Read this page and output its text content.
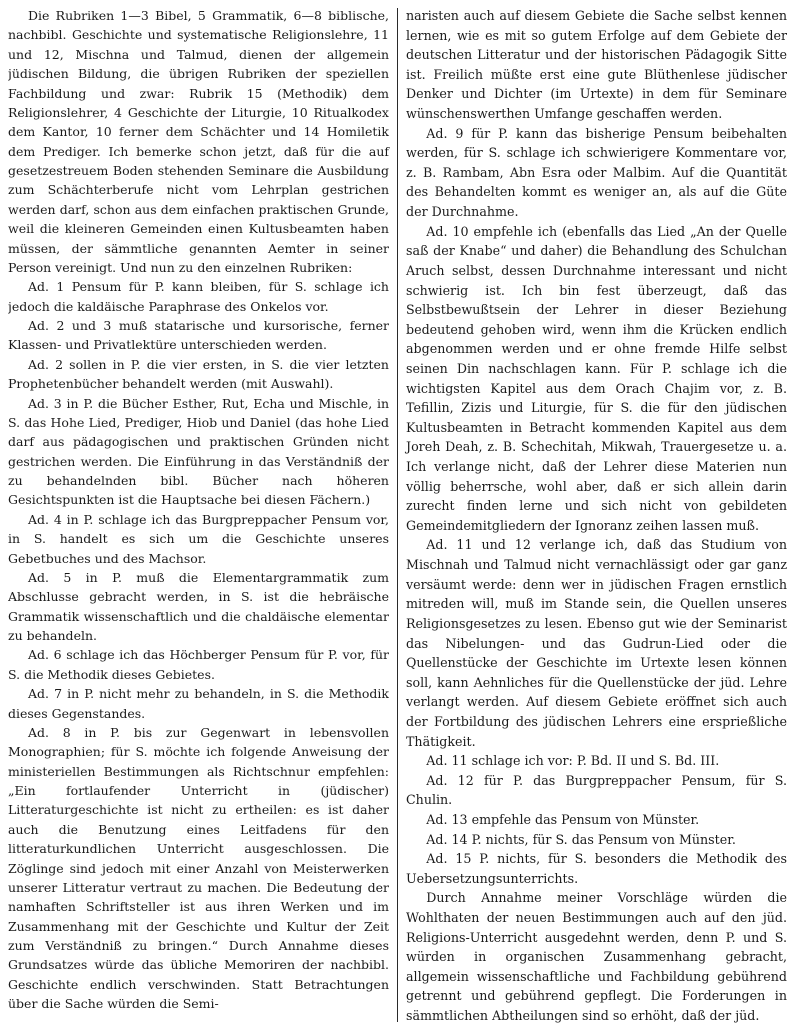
Die Rubriken 1—3 Bibel, 5 Grammatik, 6—8 biblische, nachbibl. Geschichte und systematische Religionslehre, 11 und 12, Mischna und Talmud, dienen der allgemein jüdischen Bildung, die übrigen Rubriken der speziellen Fachbildung und zwar: Rubrik 15 (Methodik) dem Religionslehrer, 4 Geschichte der Liturgie, 10 Ritualkodex dem Kantor, 10 ferner dem Schächter und 14 Homiletik dem Prediger. Ich bemerke schon jetzt, daß für die auf gesetzestreuem Boden stehenden Seminare die Ausbildung zum Schächterberufe nicht vom Lehrplan gestrichen werden darf, schon aus dem einfachen praktischen Grunde, weil die kleineren Gemeinden einen Kultusbeamten haben müssen, der sämmtliche genannten Aemter in seiner Person vereinigt. Und nun zu den einzelnen Rubriken:

Ad. 1 Pensum für P. kann bleiben, für S. schlage ich jedoch die kaldäische Paraphrase des Onkelos vor.

Ad. 2 und 3 muß statarische und kursorische, ferner Klassen- und Privatlektüre unterschieden werden.

Ad. 2 sollen in P. die vier ersten, in S. die vier letzten Prophetenbücher behandelt werden (mit Auswahl).

Ad. 3 in P. die Bücher Esther, Rut, Echa und Mischle, in S. das Hohe Lied, Prediger, Hiob und Daniel (das hohe Lied darf aus pädagogischen und praktischen Gründen nicht gestrichen werden. Die Einführung in das Verständniß der zu behandelnden bibl. Bücher nach höheren Gesichtspunkten ist die Hauptsache bei diesen Fächern.)

Ad. 4 in P. schlage ich das Burgpreppacher Pensum vor, in S. handelt es sich um die Geschichte unseres Gebetbuches und des Machsor.

Ad. 5 in P. muß die Elementargrammatik zum Abschlusse gebracht werden, in S. ist die hebräische Grammatik wissenschaftlich und die chaldäische elementar zu behandeln.

Ad. 6 schlage ich das Höchberger Pensum für P. vor, für S. die Methodik dieses Gebietes.

Ad. 7 in P. nicht mehr zu behandeln, in S. die Methodik dieses Gegenstandes.

Ad. 8 in P. bis zur Gegenwart in lebensvollen Monographien; für S. möchte ich folgende Anweisung der ministeriellen Bestimmungen als Richtschnur empfehlen: „Ein fortlaufender Unterricht in (jüdischer) Litteraturgeschichte ist nicht zu ertheilen: es ist daher auch die Benutzung eines Leitfadens für den litteraturkundlichen Unterricht ausgeschlossen. Die Zöglinge sind jedoch mit einer Anzahl von Meisterwerken unserer Litteratur vertraut zu machen. Die Bedeutung der namhaften Schriftsteller ist aus ihren Werken und im Zusammenhang mit der Geschichte und Kultur der Zeit zum Verständniß zu bringen.“ Durch Annahme dieses Grundsatzes würde das übliche Memoriren der nachbibl. Geschichte endlich verschwinden. Statt Betrachtungen über die Sache würden die Semi-

naristen auch auf diesem Gebiete die Sache selbst kennen lernen, wie es mit so gutem Erfolge auf dem Gebiete der deutschen Litteratur und der historischen Pädagogik Sitte ist. Freilich müßte erst eine gute Blüthenlese jüdischer Denker und Dichter (im Urtexte) in dem für Seminare wünschenswerthen Umfange geschaffen werden.

Ad. 9 für P. kann das bisherige Pensum beibehalten werden, für S. schlage ich schwierigere Kommentare vor, z. B. Rambam, Abn Esra oder Malbim. Auf die Quantität des Behandelten kommt es weniger an, als auf die Güte der Durchnahme.

Ad. 10 empfehle ich (ebenfalls das Lied „An der Quelle saß der Knabe“ und daher) die Behandlung des Schulchan Aruch selbst, dessen Durchnahme interessant und nicht schwierig ist. Ich bin fest überzeugt, daß das Selbstbewußtsein der Lehrer in dieser Beziehung bedeutend gehoben wird, wenn ihm die Krücken endlich abgenommen werden und er ohne fremde Hilfe selbst seinen Din nachschlagen kann. Für P. schlage ich die wichtigsten Kapitel aus dem Orach Chajim vor, z. B. Tefillin, Zizis und Liturgie, für S. die für den jüdischen Kultusbeamten in Betracht kommenden Kapitel aus dem Joreh Deah, z. B. Schechitah, Mikwah, Trauergesetze u. a. Ich verlange nicht, daß der Lehrer diese Materien nun völlig beherrsche, wohl aber, daß er sich allein darin zurecht finden lerne und sich nicht von gebildeten Gemeindemitgliedern der Ignoranz zeihen lassen muß.

Ad. 11 und 12 verlange ich, daß das Studium von Mischnah und Talmud nicht vernachlässigt oder gar ganz versäumt werde: denn wer in jüdischen Fragen ernstlich mitreden will, muß im Stande sein, die Quellen unseres Religionsgesetzes zu lesen. Ebenso gut wie der Seminarist das Nibelungen- und das Gudrun-Lied oder die Quellenstücke der Geschichte im Urtexte lesen können soll, kann Aehnliches für die Quellenstücke der jüd. Lehre verlangt werden. Auf diesem Gebiete eröffnet sich auch der Fortbildung des jüdischen Lehrers eine ersprießliche Thätigkeit.

Ad. 11 schlage ich vor: P. Bd. II und S. Bd. III.

Ad. 12 für P. das Burgpreppacher Pensum, für S. Chulin.

Ad. 13 empfehle das Pensum von Münster.

Ad. 14 P. nichts, für S. das Pensum von Münster.

Ad. 15 P. nichts, für S. besonders die Methodik des Uebersetzungsunterrichts.

Durch Annahme meiner Vorschläge würden die Wohlthaten der neuen Bestimmungen auch auf den jüd. Religions-Unterricht ausgedehnt werden, denn P. und S. würden in organischen Zusammenhang gebracht, allgemein wissenschaftliche und Fachbildung gebührend getrennt und gebührend gepflegt. Die Forderungen in sämmtlichen Abtheilungen sind so erhöht, daß der jüd.
